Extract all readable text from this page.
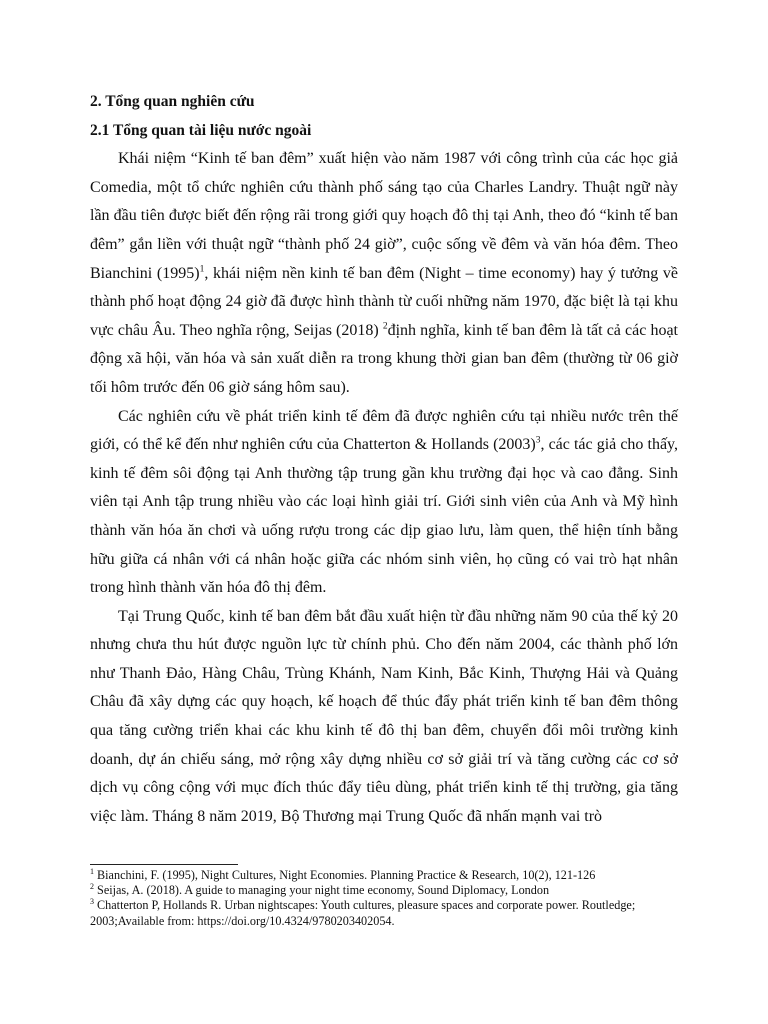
2. Tổng quan nghiên cứu

2.1 Tổng quan tài liệu nước ngoài

Khái niệm “Kinh tế ban đêm” xuất hiện vào năm 1987 với công trình của các học giả Comedia, một tổ chức nghiên cứu thành phố sáng tạo của Charles Landry. Thuật ngữ này lần đầu tiên được biết đến rộng rãi trong giới quy hoạch đô thị tại Anh, theo đó “kinh tế ban đêm” gắn liền với thuật ngữ “thành phố 24 giờ”, cuộc sống về đêm và văn hóa đêm. Theo Bianchini $(1995)^1$, khái niệm nền kinh tế ban đêm (Night – time economy) hay ý tưởng về thành phố hoạt động 24 giờ đã được hình thành từ cuối những năm 1970, đặc biệt là tại khu vực châu Âu. Theo nghĩa rộng, Seijas (2018) $^2$định nghĩa, kinh tế ban đêm là tất cả các hoạt động xã hội, văn hóa và sản xuất diễn ra trong khung thời gian ban đêm (thường từ 06 giờ tối hôm trước đến 06 giờ sáng hôm sau).

Các nghiên cứu về phát triển kinh tế đêm đã được nghiên cứu tại nhiều nước trên thế giới, có thể kể đến như nghiên cứu của Chatterton & Hollands $(2003)^3$, các tác giả cho thấy, kinh tế đêm sôi động tại Anh thường tập trung gần khu trường đại học và cao đẳng. Sinh viên tại Anh tập trung nhiều vào các loại hình giải trí. Giới sinh viên của Anh và Mỹ hình thành văn hóa ăn chơi và uống rượu trong các dịp giao lưu, làm quen, thể hiện tính bằng hữu giữa cá nhân với cá nhân hoặc giữa các nhóm sinh viên, họ cũng có vai trò hạt nhân trong hình thành văn hóa đô thị đêm.

Tại Trung Quốc, kinh tế ban đêm bắt đầu xuất hiện từ đầu những năm 90 của thế kỷ 20 nhưng chưa thu hút được nguồn lực từ chính phủ. Cho đến năm 2004, các thành phố lớn như Thanh Đảo, Hàng Châu, Trùng Khánh, Nam Kinh, Bắc Kinh, Thượng Hải và Quảng Châu đã xây dựng các quy hoạch, kế hoạch để thúc đẩy phát triển kinh tế ban đêm thông qua tăng cường triển khai các khu kinh tế đô thị ban đêm, chuyển đổi môi trường kinh doanh, dự án chiếu sáng, mở rộng xây dựng nhiều cơ sở giải trí và tăng cường các cơ sở dịch vụ công cộng với mục đích thúc đẩy tiêu dùng, phát triển kinh tế thị trường, gia tăng việc làm. Tháng 8 năm 2019, Bộ Thương mại Trung Quốc đã nhấn mạnh vai trò

$^1$ Bianchini, F. (1995), Night Cultures, Night Economies. Planning Practice & Research, 10(2), 121-126

$^2$ Seijas, A. (2018). A guide to managing your night time economy, Sound Diplomacy, London

$^3$ Chatterton P, Hollands R. Urban nightscapes: Youth cultures, pleasure spaces and corporate power. Routledge; 2003;Available from: https://doi.org/10.4324/9780203402054.
